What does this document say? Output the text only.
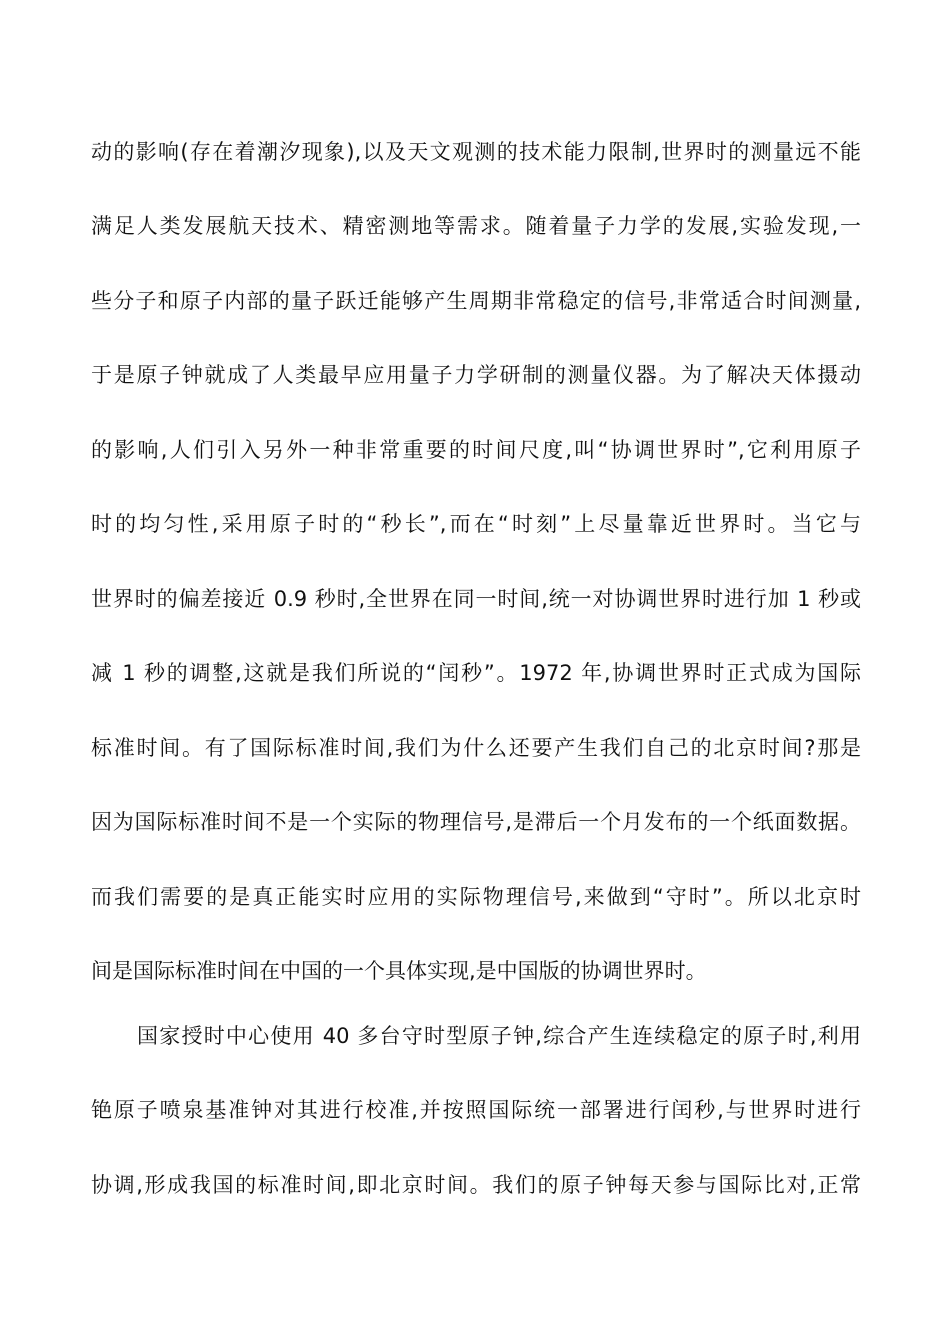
动的影响(存在着潮汐现象),以及天文观测的技术能力限制,世界时的测量远不能
满足人类发展航天技术、精密测地等需求。随着量子力学的发展,实验发现,一
些分子和原子内部的量子跃迁能够产生周期非常稳定的信号,非常适合时间测量,
于是原子钟就成了人类最早应用量子力学研制的测量仪器。为了解决天体摄动
的影响,人们引入另外一种非常重要的时间尺度,叫“协调世界时”,它利用原子
时的均匀性,采用原子时的“秒长”,而在“时刻”上尽量靠近世界时。当它与
世界时的偏差接近 0.9 秒时,全世界在同一时间,统一对协调世界时进行加 1 秒或
减 1 秒的调整,这就是我们所说的“闰秒”。1972 年,协调世界时正式成为国际
标准时间。有了国际标准时间,我们为什么还要产生我们自己的北京时间?那是
因为国际标准时间不是一个实际的物理信号,是滞后一个月发布的一个纸面数据。
而我们需要的是真正能实时应用的实际物理信号,来做到“守时”。所以北京时
间是国际标准时间在中国的一个具体实现,是中国版的协调世界时。
国家授时中心使用 40 多台守时型原子钟,综合产生连续稳定的原子时,利用
铯原子喷泉基准钟对其进行校准,并按照国际统一部署进行闰秒,与世界时进行
协调,形成我国的标准时间,即北京时间。我们的原子钟每天参与国际比对,正常
